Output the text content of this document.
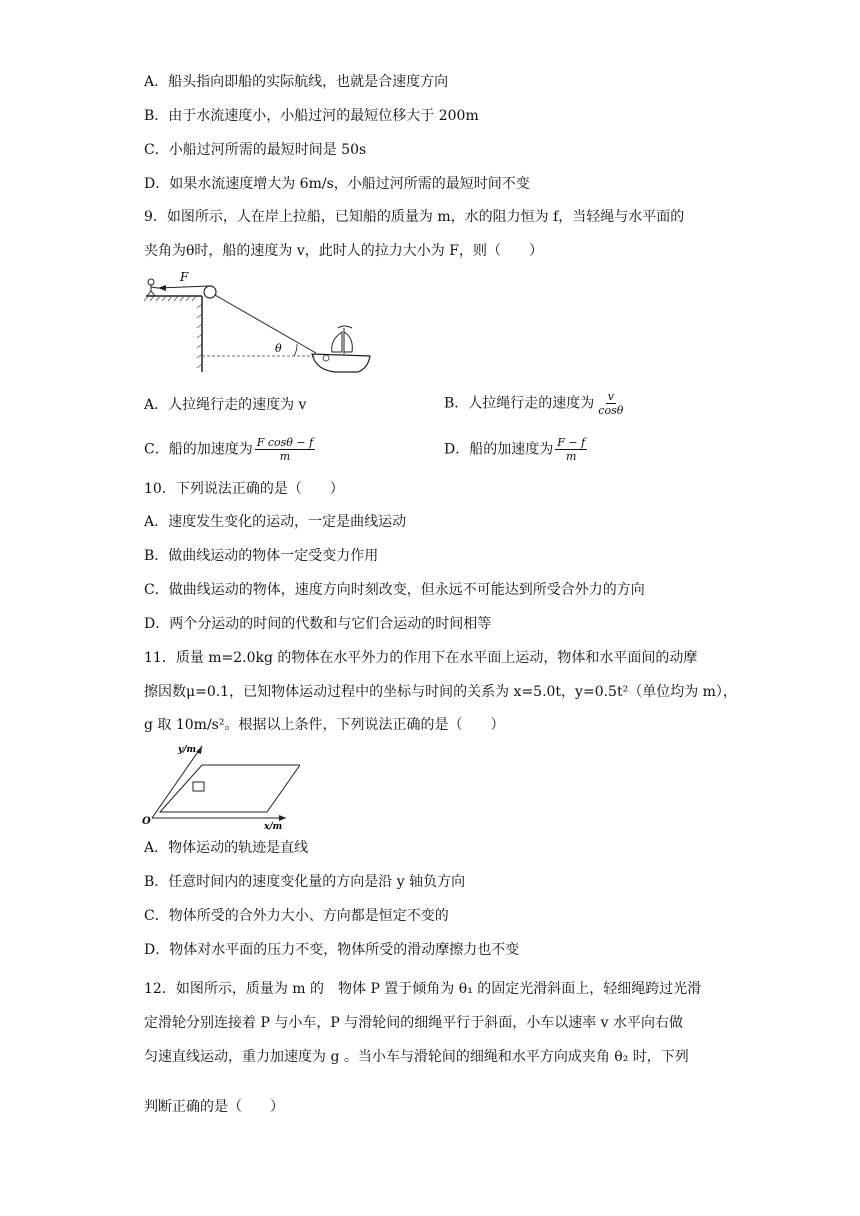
A．船头指向即船的实际航线，也就是合速度方向
B．由于水流速度小，小船过河的最短位移大于 200m
C．小船过河所需的最短时间是 50s
D．如果水流速度增大为 6m/s，小船过河所需的最短时间不变
9．如图所示，人在岸上拉船，已知船的质量为 m，水的阻力恒为 f，当轻绳与水平面的
夹角为θ时，船的速度为 v，此时人的拉力大小为 F，则（　　）
F
θ
A．人拉绳行走的速度为 v	B．人拉绳行走的速度为 $\frac{v}{\cos\theta}$
C．船的加速度为 $\frac{\text{F cosθ − f}}{m}$	D．船的加速度为 $\frac{F - f}{m}$
10．下列说法正确的是（　　）
A．速度发生变化的运动，一定是曲线运动
B．做曲线运动的物体一定受变力作用
C．做曲线运动的物体，速度方向时刻改变，但永远不可能达到所受合外力的方向
D．两个分运动的时间的代数和与它们合运动的时间相等
11．质量 m=2.0kg 的物体在水平外力的作用下在水平面上运动，物体和水平面间的动摩
擦因数μ=0.1，已知物体运动过程中的坐标与时间的关系为 x=5.0t，y=0.5t²（单位均为 m），
g 取 10m/s²。根据以上条件，下列说法正确的是（　　）
y/m
x/m
O
A．物体运动的轨迹是直线
B．任意时间内的速度变化量的方向是沿 y 轴负方向
C．物体所受的合外力大小、方向都是恒定不变的
D．物体对水平面的压力不变，物体所受的滑动摩擦力也不变
12．如图所示，质量为 m 的　物体 P 置于倾角为 θ₁ 的固定光滑斜面上，轻细绳跨过光滑
定滑轮分别连接着 P 与小车，P 与滑轮间的细绳平行于斜面，小车以速率 v 水平向右做
匀速直线运动，重力加速度为 g 。当小车与滑轮间的细绳和水平方向成夹角 θ₂ 时，下列
判断正确的是（　　）
